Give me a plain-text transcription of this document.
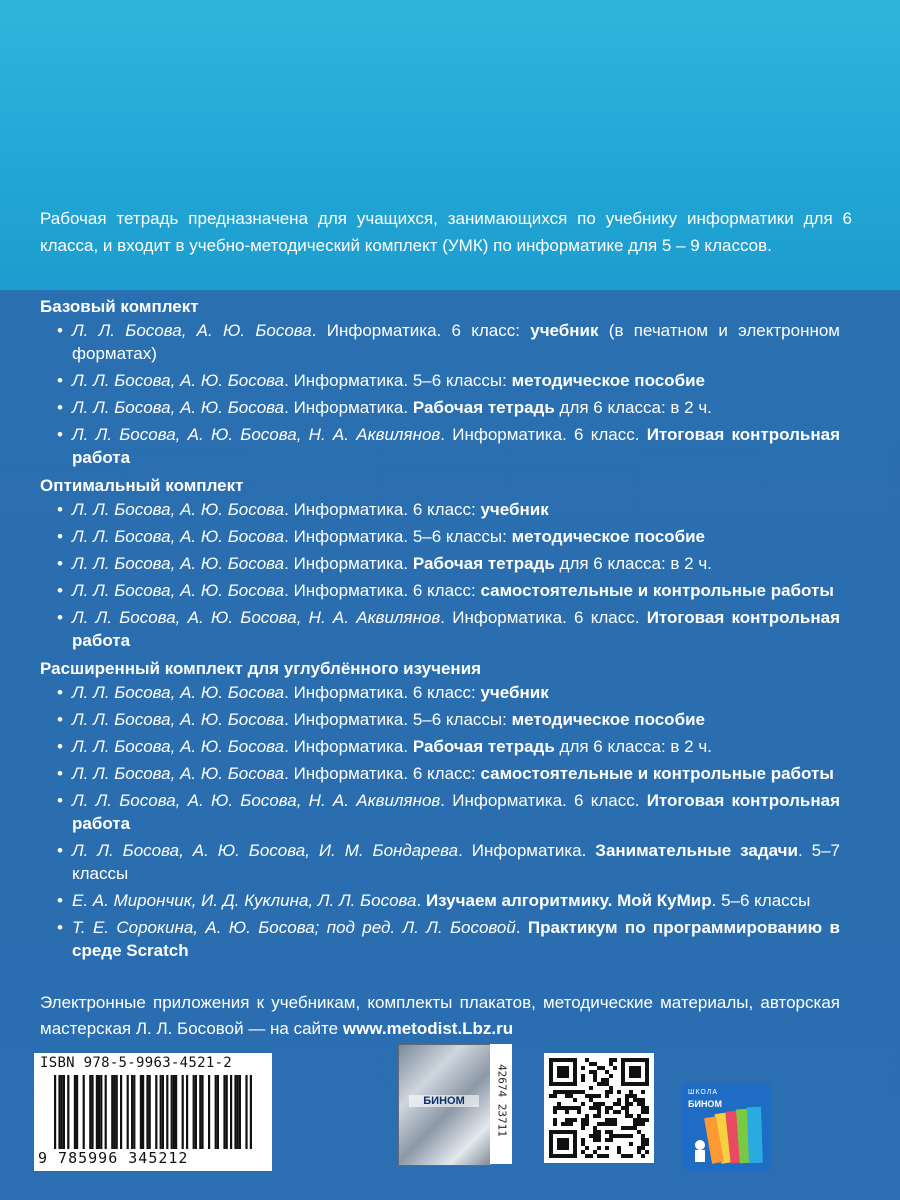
Рабочая тетрадь предназначена для учащихся, занимающихся по учебнику информатики для 6 класса, и входит в учебно-методический комплект (УМК) по информатике для 5 – 9 классов.
Базовый комплект
• Л. Л. Босова, А. Ю. Босова. Информатика. 6 класс: учебник (в печатном и электронном форматах)
• Л. Л. Босова, А. Ю. Босова. Информатика. 5–6 классы: методическое пособие
• Л. Л. Босова, А. Ю. Босова. Информатика. Рабочая тетрадь для 6 класса: в 2 ч.
• Л. Л. Босова, А. Ю. Босова, Н. А. Аквилянов. Информатика. 6 класс. Итоговая контрольная работа
Оптимальный комплект
• Л. Л. Босова, А. Ю. Босова. Информатика. 6 класс: учебник
• Л. Л. Босова, А. Ю. Босова. Информатика. 5–6 классы: методическое пособие
• Л. Л. Босова, А. Ю. Босова. Информатика. Рабочая тетрадь для 6 класса: в 2 ч.
• Л. Л. Босова, А. Ю. Босова. Информатика. 6 класс: самостоятельные и контрольные работы
• Л. Л. Босова, А. Ю. Босова, Н. А. Аквилянов. Информатика. 6 класс. Итоговая контрольная работа
Расширенный комплект для углублённого изучения
• Л. Л. Босова, А. Ю. Босова. Информатика. 6 класс: учебник
• Л. Л. Босова, А. Ю. Босова. Информатика. 5–6 классы: методическое пособие
• Л. Л. Босова, А. Ю. Босова. Информатика. Рабочая тетрадь для 6 класса: в 2 ч.
• Л. Л. Босова, А. Ю. Босова. Информатика. 6 класс: самостоятельные и контрольные работы
• Л. Л. Босова, А. Ю. Босова, Н. А. Аквилянов. Информатика. 6 класс. Итоговая контрольная работа
• Л. Л. Босова, А. Ю. Босова, И. М. Бондарева. Информатика. Занимательные задачи. 5–7 классы
• Е. А. Мирончик, И. Д. Куклина, Л. Л. Босова. Изучаем алгоритмику. Мой КуМир. 5–6 классы
• Т. Е. Сорокина, А. Ю. Босова; под ред. Л. Л. Босовой. Практикум по программированию в среде Scratch
Электронные приложения к учебникам, комплекты плакатов, методические материалы, авторская мастерская Л. Л. Босовой — на сайте www.metodist.Lbz.ru
ISBN 978-5-9963-4521-2
9 785996 345212
БИНОМ	42674 23711	ШКОЛА
БИНОМ
